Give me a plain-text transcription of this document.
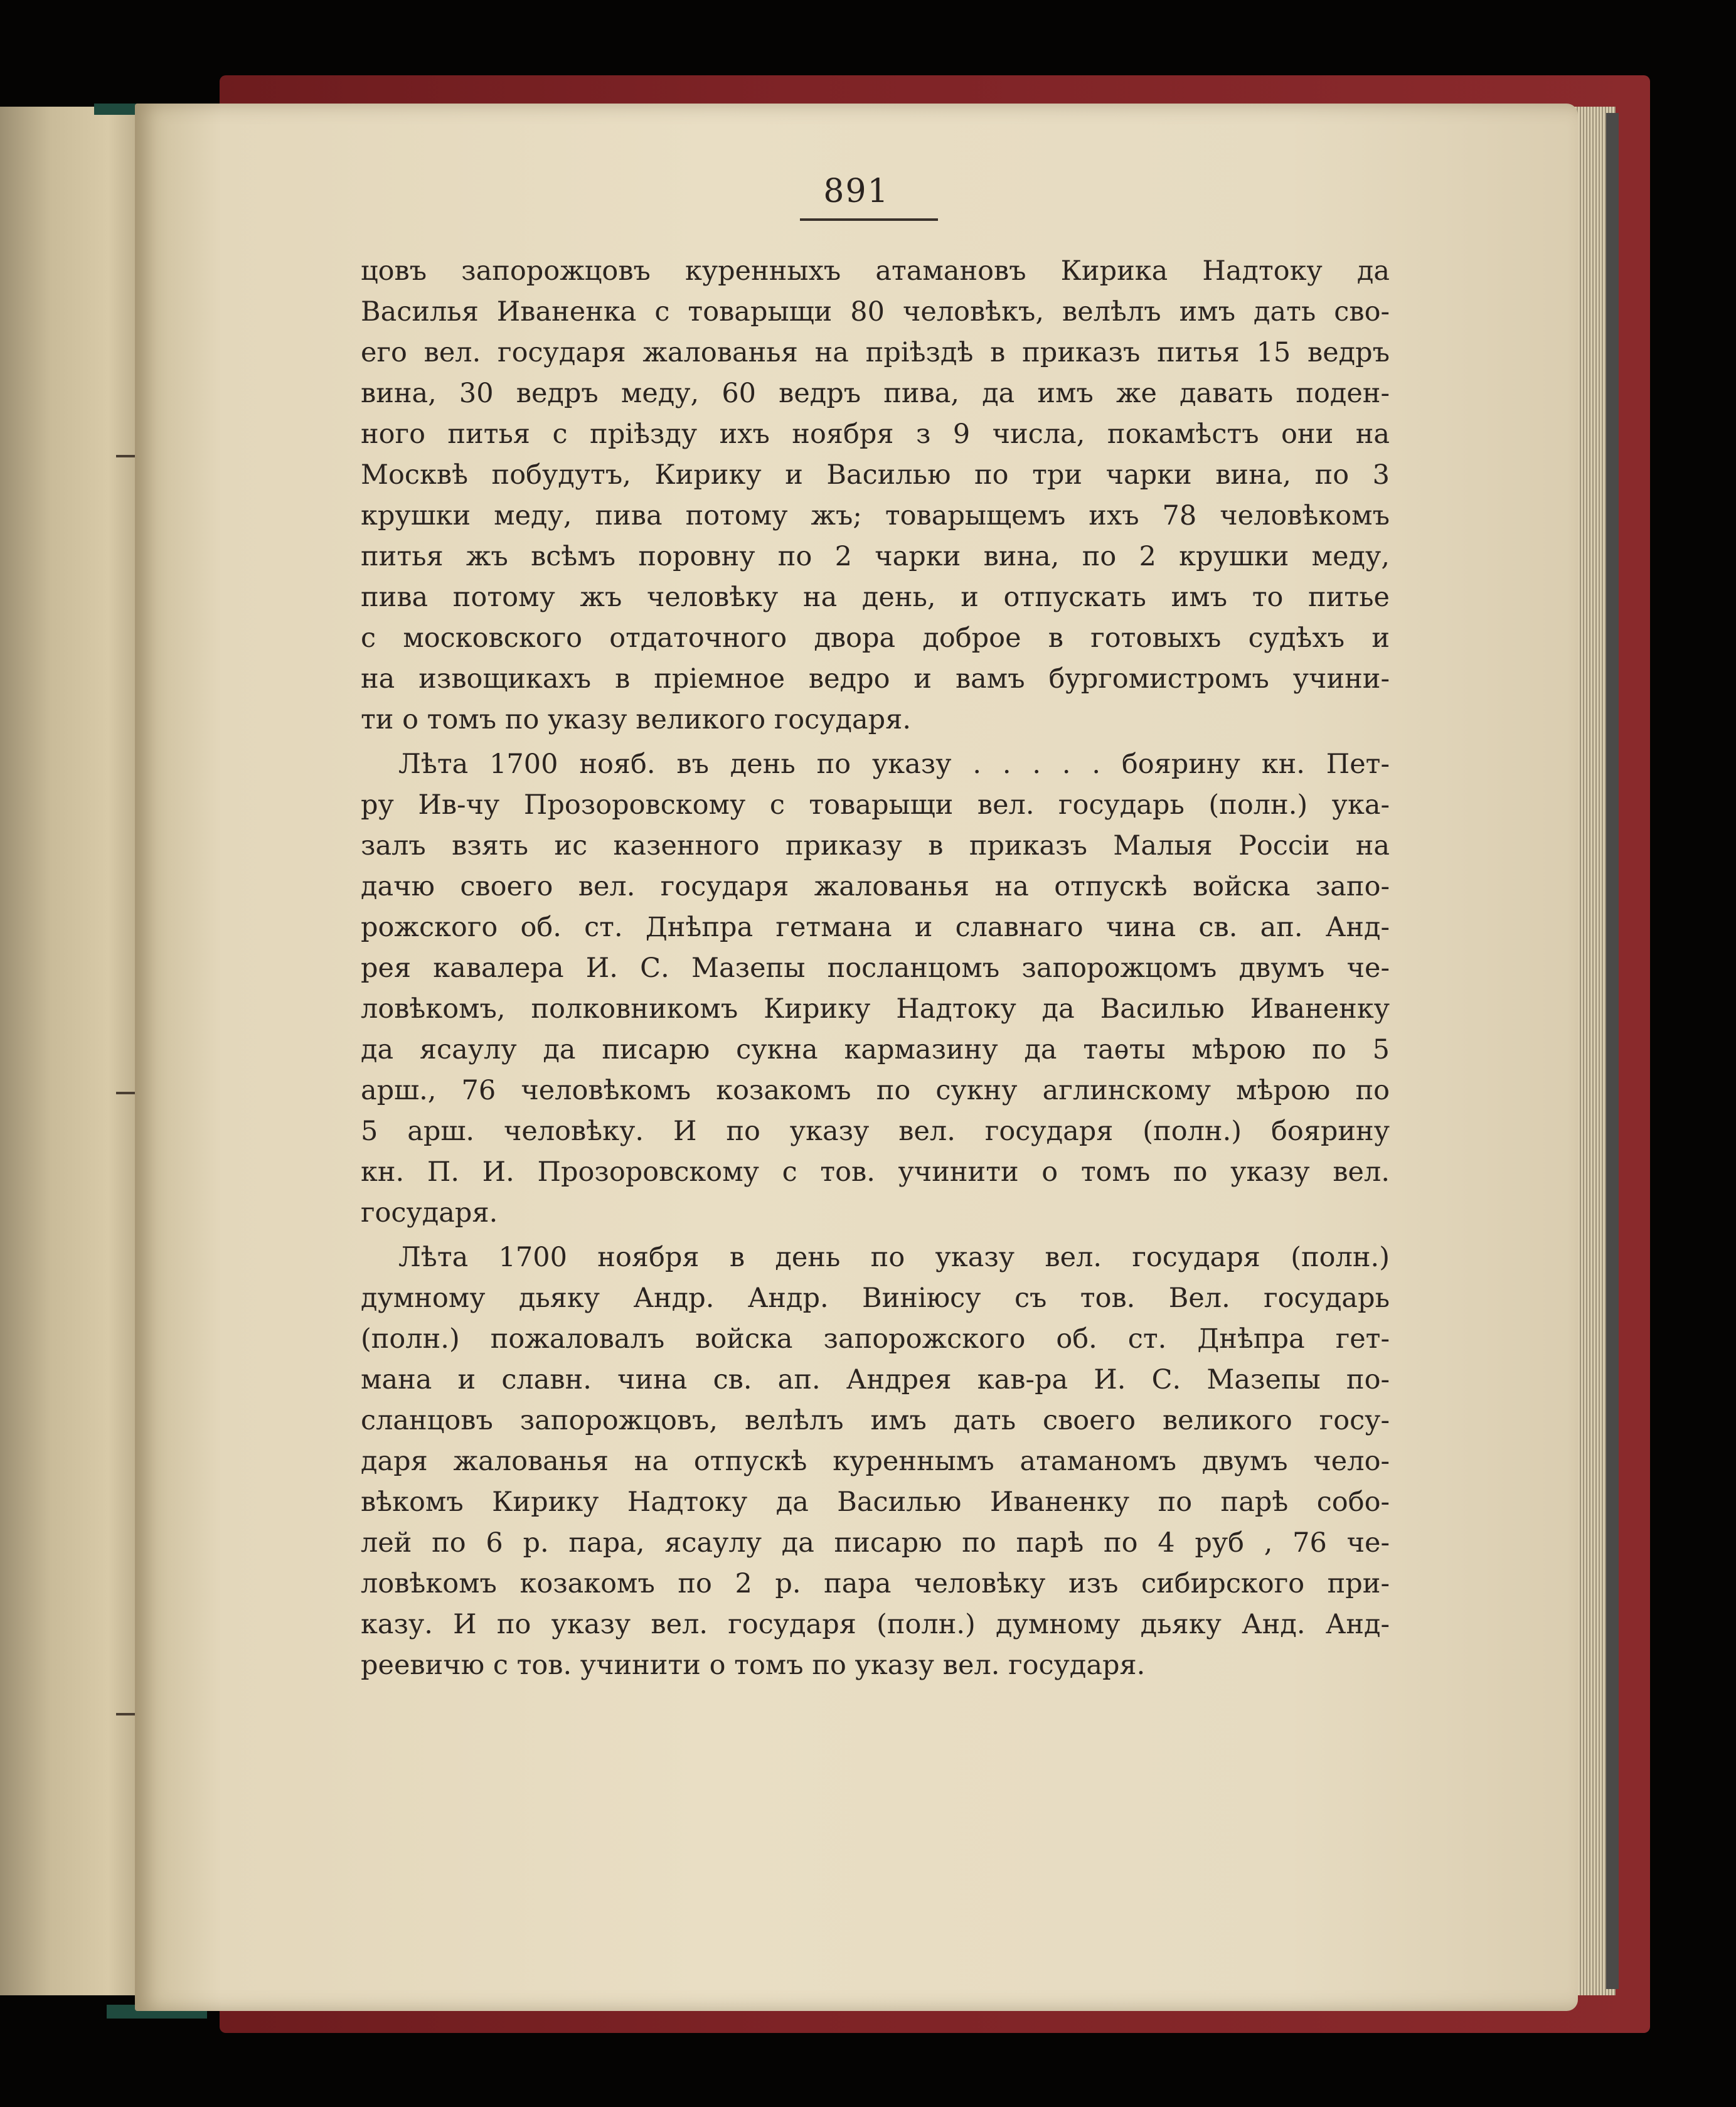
891
цовъ запорожцовъ куренныхъ атамановъ Кирика Надтоку да
Василья Иваненка с товарыщи 80 человѣкъ, велѣлъ имъ дать сво-
его вел. государя жалованья на прiѣздѣ в приказъ питья 15 ведръ
вина, 30 ведръ меду, 60 ведръ пива, да имъ же давать поден-
ного питья с прiѣзду ихъ ноября з 9 числа, покамѣстъ они на
Москвѣ побудутъ, Кирику и Василью по три чарки вина, по 3
крушки меду, пива потому жъ; товарыщемъ ихъ 78 человѣкомъ
питья жъ всѣмъ поровну по 2 чарки вина, по 2 крушки меду,
пива потому жъ человѣку на день, и отпускать имъ то питье
с московского отдаточного двора доброе в готовыхъ судѣхъ и
на извощикахъ в прiемное ведро и вамъ бургомистромъ учини-
ти о томъ по указу великого государя.
Лѣта 1700 нояб. въ день по указу . . . . . боярину кн. Пет-
ру Ив-чу Прозоровскому с товарыщи вел. государь (полн.) ука-
залъ взять ис казенного приказу в приказъ Малыя Россiи на
дачю своего вел. государя жалованья на отпускѣ войска запо-
рожского об. ст. Днѣпра гетмана и славнаго чина св. ап. Анд-
рея кавалера И. С. Мазепы посланцомъ запорожцомъ двумъ че-
ловѣкомъ, полковникомъ Кирику Надтоку да Василью Иваненку
да ясаулу да писарю сукна кармазину да таѳты мѣрою по 5
арш., 76 человѣкомъ козакомъ по сукну аглинскому мѣрою по
5 арш. человѣку. И по указу вел. государя (полн.) боярину
кн. П. И. Прозоровскому с тов. учинити о томъ по указу вел.
государя.
Лѣта 1700 ноября в день по указу вел. государя (полн.)
думному дьяку Андр. Андр. Винiюсу съ тов. Вел. государь
(полн.) пожаловалъ войска запорожского об. ст. Днѣпра гет-
мана и славн. чина св. ап. Андрея кав-ра И. С. Мазепы по-
сланцовъ запорожцовъ, велѣлъ имъ дать своего великого госу-
даря жалованья на отпускѣ куреннымъ атаманомъ двумъ чело-
вѣкомъ Кирику Надтоку да Василью Иваненку по парѣ собо-
лей по 6 р. пара, ясаулу да писарю по парѣ по 4 руб , 76 че-
ловѣкомъ козакомъ по 2 р. пара человѣку изъ сибирского при-
казу. И по указу вел. государя (полн.) думному дьяку Анд. Анд-
реевичю с тов. учинити о томъ по указу вел. государя.
